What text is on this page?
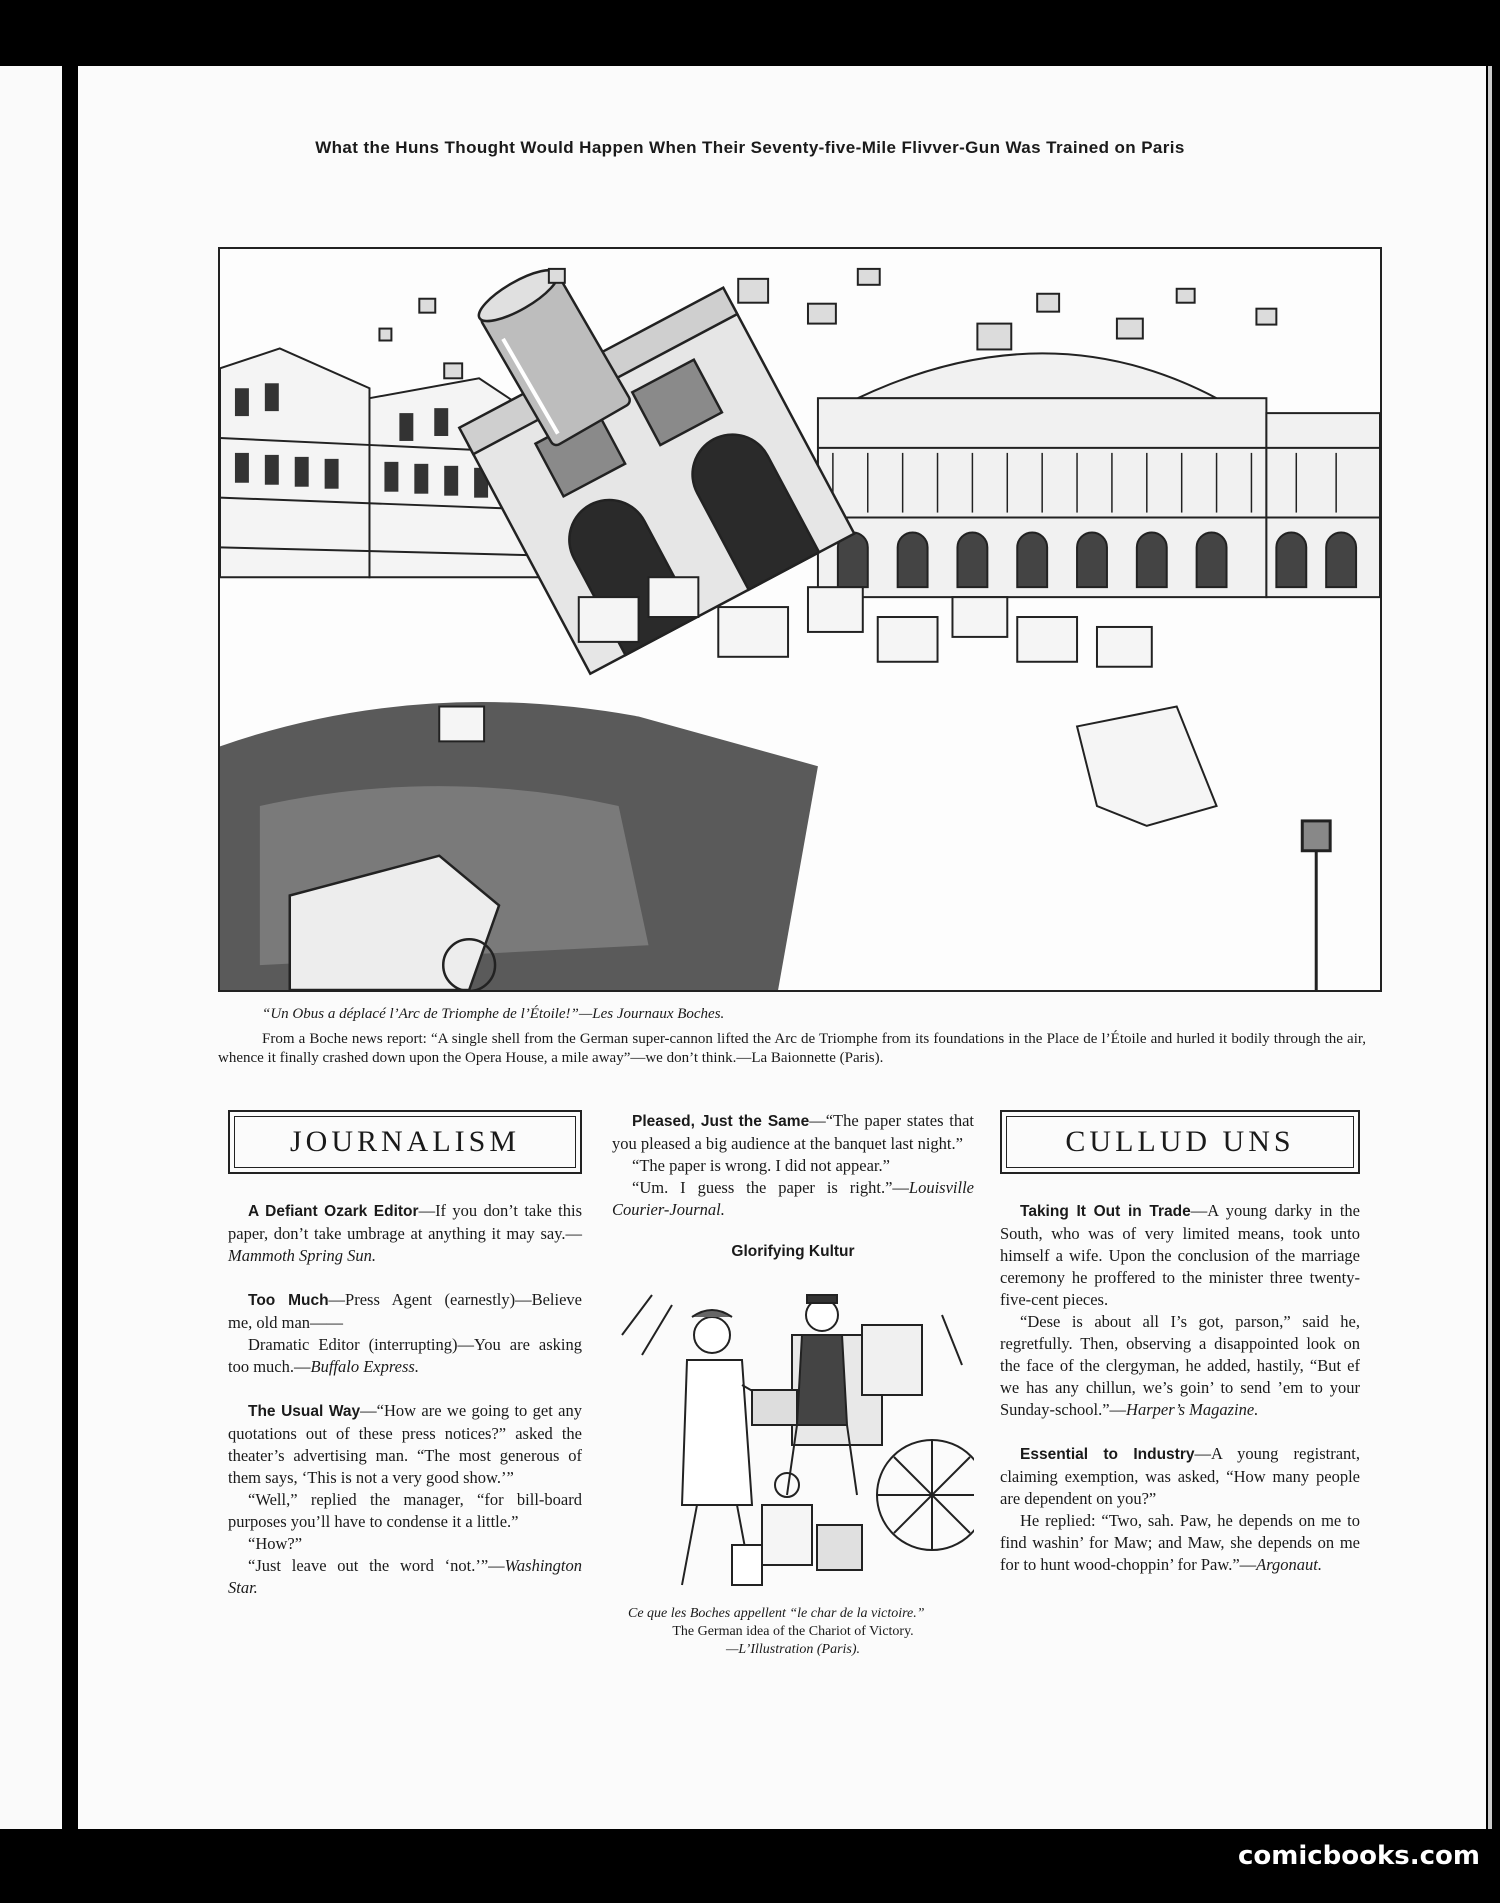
What the Huns Thought Would Happen When Their Seventy-five-Mile Flivver-Gun Was Trained on Paris
“Un Obus a déplacé l’Arc de Triomphe de l’Étoile!”—Les Journaux Boches.
From a Boche news report: “A single shell from the German super-cannon lifted the Arc de Triomphe from its foundations in the Place de l’Étoile and hurled it bodily through the air, whence it finally crashed down upon the Opera House, a mile away”—we don’t think.—La Baionnette (Paris).
JOURNALISM

A Defiant Ozark Editor—If you don’t take this paper, don’t take umbrage at anything it may say.—Mammoth Spring Sun.

Too Much—Press Agent (earnestly)—Believe me, old man——

Dramatic Editor (interrupting)—You are asking too much.—Buffalo Express.

The Usual Way—“How are we going to get any quotations out of these press notices?” asked the theater’s advertising man. “The most generous of them says, ‘This is not a very good show.’”

“Well,” replied the manager, “for bill-board purposes you’ll have to condense it a little.”

“How?”

“Just leave out the word ‘not.’”—Washington Star.

Pleased, Just the Same—“The paper states that you pleased a big audience at the banquet last night.”

“The paper is wrong. I did not appear.”

“Um. I guess the paper is right.”—Louisville Courier-Journal.

Glorifying Kultur

Ce que les Boches appellent “le char de la victoire.”

The German idea of the Chariot of Victory.

—L’Illustration (Paris).

CULLUD UNS

Taking It Out in Trade—A young darky in the South, who was of very limited means, took unto himself a wife. Upon the conclusion of the marriage ceremony he proffered to the minister three twenty-five-cent pieces.

“Dese is about all I’s got, parson,” said he, regretfully. Then, observing a disappointed look on the face of the clergyman, he added, hastily, “But ef we has any chillun, we’s goin’ to send ’em to your Sunday-school.”—Harper’s Magazine.

Essential to Industry—A young registrant, claiming exemption, was asked, “How many people are dependent on you?”

He replied: “Two, sah. Paw, he depends on me to find washin’ for Maw; and Maw, she depends on me for to hunt wood-choppin’ for Paw.”—Argonaut.

comicbooks.com
